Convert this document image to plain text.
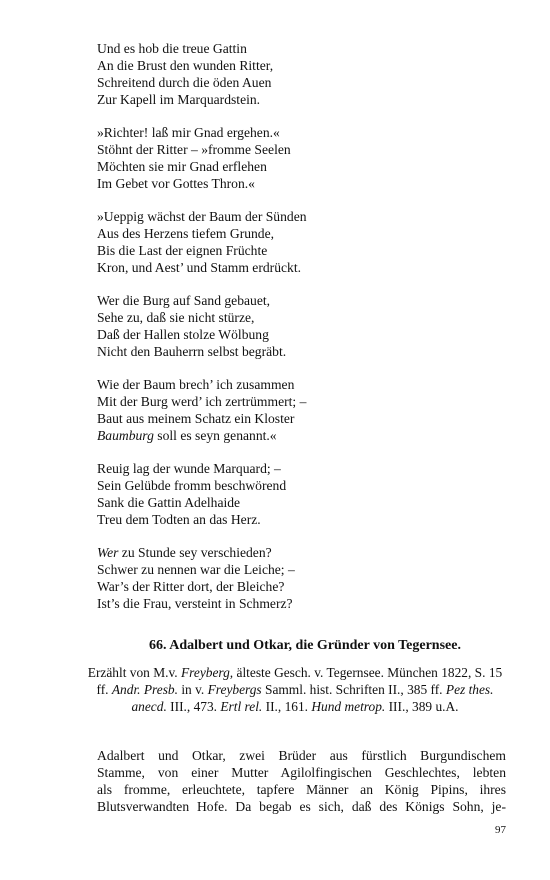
Und es hob die treue Gattin
An die Brust den wunden Ritter,
Schreitend durch die öden Auen
Zur Kapell im Marquardstein.
»Richter! laß mir Gnad ergehen.«
Stöhnt der Ritter – »fromme Seelen
Möchten sie mir Gnad erflehen
Im Gebet vor Gottes Thron.«
»Ueppig wächst der Baum der Sünden
Aus des Herzens tiefem Grunde,
Bis die Last der eignen Früchte
Kron, und Aest’ und Stamm erdrückt.
Wer die Burg auf Sand gebauet,
Sehe zu, daß sie nicht stürze,
Daß der Hallen stolze Wölbung
Nicht den Bauherrn selbst begräbt.
Wie der Baum brech’ ich zusammen
Mit der Burg werd’ ich zertrümmert; –
Baut aus meinem Schatz ein Kloster
Baumburg soll es seyn genannt.«
Reuig lag der wunde Marquard; –
Sein Gelübde fromm beschwörend
Sank die Gattin Adelhaide
Treu dem Todten an das Herz.
Wer zu Stunde sey verschieden?
Schwer zu nennen war die Leiche; –
War’s der Ritter dort, der Bleiche?
Ist’s die Frau, versteint in Schmerz?
66. Adalbert und Otkar, die Gründer von Tegernsee.
Erzählt von M.v. Freyberg, älteste Gesch. v. Tegernsee. München 1822, S. 15 ff. Andr. Presb. in v. Freybergs Samml. hist. Schriften II., 385 ff. Pez thes. anecd. III., 473. Ertl rel. II., 161. Hund metrop. III., 389 u.A.
Adalbert und Otkar, zwei Brüder aus fürstlich Burgundischem
Stamme, von einer Mutter Agilolfingischen Geschlechtes, lebten
als fromme, erleuchtete, tapfere Männer an König Pipins, ihres
Blutsverwandten Hofe. Da begab es sich, daß des Königs Sohn, je-
97
